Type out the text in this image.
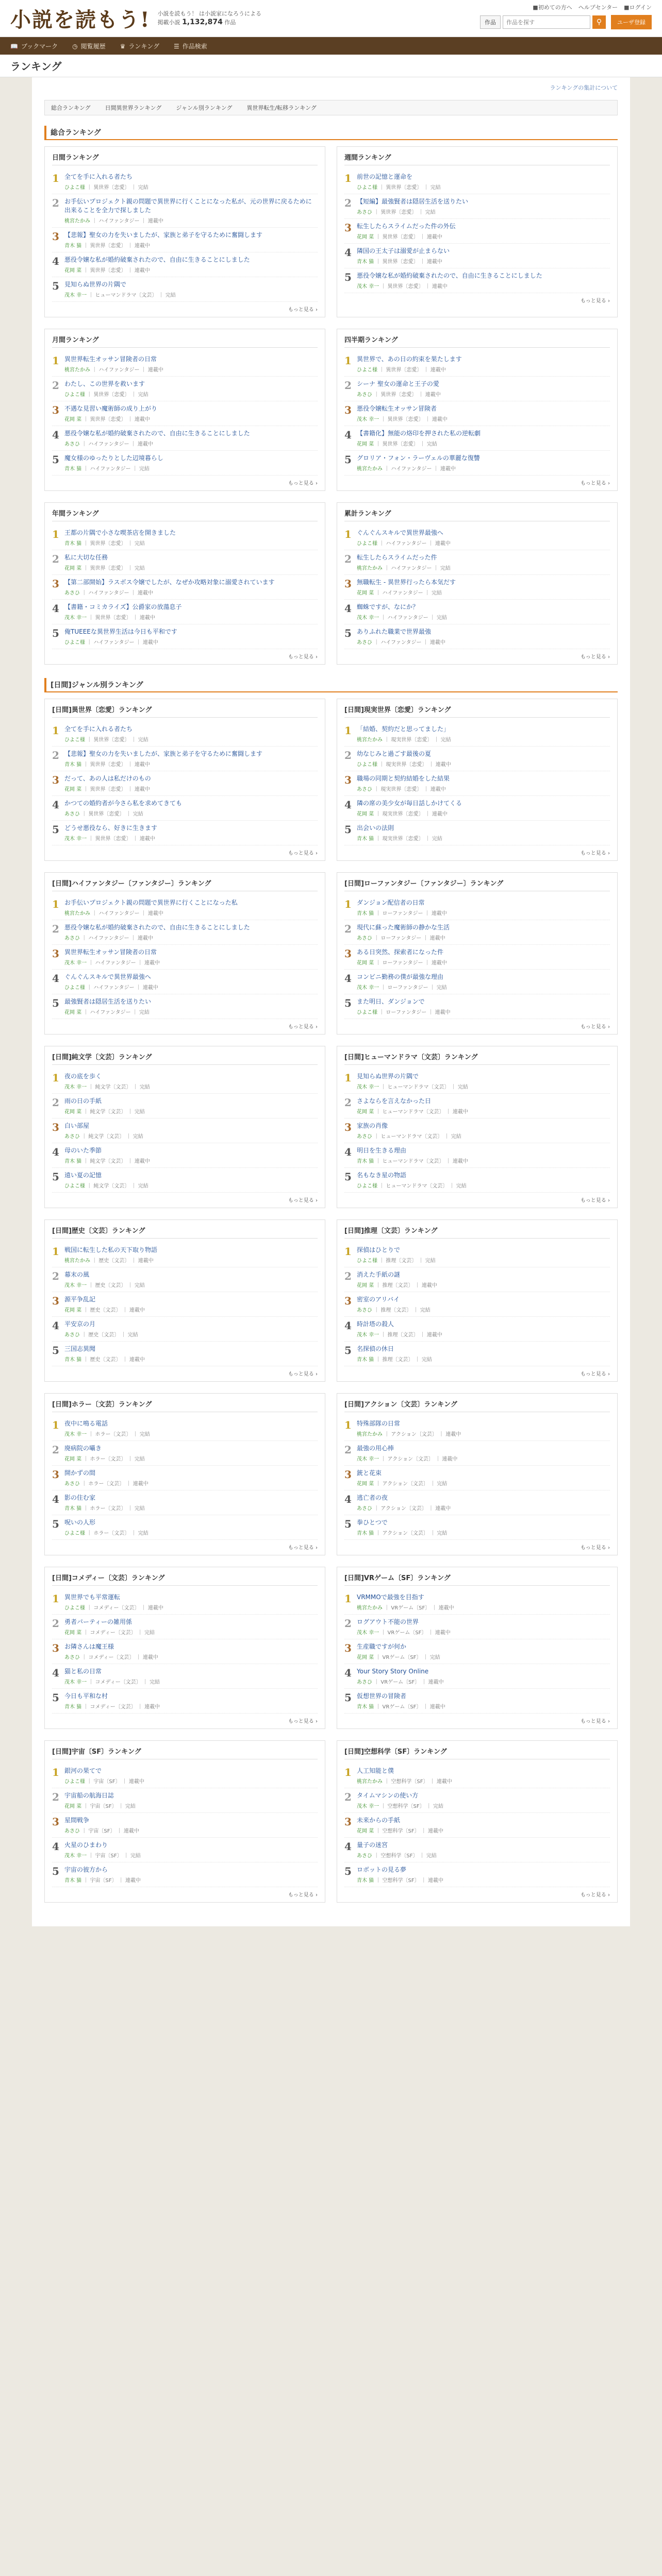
小説を読もう! 小説を読もう！ は小説家になろうによる
掲載小説 1,132,874 作品
■初めての方へ ヘルプセンター ■ログイン
作品
作品を探す	⚲	ユーザ登録
📖 ブックマーク ◷ 閲覧履歴 ♛ ランキング ☰ 作品検索
ランキング
ランキングの集計について
総合ランキング	日間異世界ランキング	ジャンル別ランキング	異世界転生/転移ランキング
総合ランキング
日間ランキング
1 全てを手に入れる者たち
ひよこ様 ｜ 異世界〔恋愛〕 ｜ 完結
2 お手伝いプロジェクト親の問題で異世界に行くことになった私が、元の世界に戻るために出来ることを全力で探しました
桃宮たかみ ｜ ハイファンタジー ｜ 連載中
3 【悲報】聖女の力を失いましたが、家族と弟子を守るために奮闘します
青木 猫 ｜ 異世界〔恋愛〕 ｜ 連載中
4 悪役令嬢な私が婚約破棄されたので、自由に生きることにしました
花岡 菜 ｜ 異世界〔恋愛〕 ｜ 連載中
5 見知らぬ世界の片隅で
茂木 幸一 ｜ ヒューマンドラマ〔文芸〕 ｜ 完結
もっと見る ›
週間ランキング
1 前世の記憶と運命を
ひよこ様 ｜ 異世界〔恋愛〕 ｜ 完結
2 【短編】最強賢者は隠居生活を送りたい
あさひ ｜ 異世界〔恋愛〕 ｜ 完結
3 転生したらスライムだった件の外伝
花岡 菜 ｜ 異世界〔恋愛〕 ｜ 連載中
4 隣国の王太子は溺愛が止まらない
青木 猫 ｜ 異世界〔恋愛〕 ｜ 連載中
5 悪役令嬢な私が婚約破棄されたので、自由に生きることにしました
茂木 幸一 ｜ 異世界〔恋愛〕 ｜ 連載中
もっと見る ›
月間ランキング
1 異世界転生オッサン冒険者の日常
桃宮たかみ ｜ ハイファンタジー ｜ 連載中
2 わたし、この世界を救います
ひよこ様 ｜ 異世界〔恋愛〕 ｜ 完結
3 不遇な見習い魔術師の成り上がり
花岡 菜 ｜ 異世界〔恋愛〕 ｜ 連載中
4 悪役令嬢な私が婚約破棄されたので、自由に生きることにしました
あさひ ｜ ハイファンタジー ｜ 連載中
5 魔女様のゆったりとした辺境暮らし
青木 猫 ｜ ハイファンタジー ｜ 完結
もっと見る ›
四半期ランキング
1 異世界で、あの日の約束を果たします
ひよこ様 ｜ 異世界〔恋愛〕 ｜ 連載中
2 シーナ 聖女の運命と王子の愛
あさひ ｜ 異世界〔恋愛〕 ｜ 連載中
3 悪役令嬢転生オッサン冒険者
茂木 幸一 ｜ 異世界〔恋愛〕 ｜ 連載中
4 【書籍化】無能の烙印を押された私の逆転劇
花岡 菜 ｜ 異世界〔恋愛〕 ｜ 完結
5 グロリア・フォン・ラーヴェルの華麗な復讐
桃宮たかみ ｜ ハイファンタジー ｜ 連載中
もっと見る ›
年間ランキング
1 王都の片隅で小さな喫茶店を開きました
青木 猫 ｜ 異世界〔恋愛〕 ｜ 完結
2 私に大切な任務
花岡 菜 ｜ 異世界〔恋愛〕 ｜ 完結
3 【第二部開始】ラスボス令嬢でしたが、なぜか攻略対象に溺愛されています
あさひ ｜ ハイファンタジー ｜ 連載中
4 【書籍・コミカライズ】公爵家の放蕩息子
茂木 幸一 ｜ 異世界〔恋愛〕 ｜ 連載中
5 俺TUEEEな異世界生活は今日も平和です
ひよこ様 ｜ ハイファンタジー ｜ 連載中
もっと見る ›
累計ランキング
1 ぐんぐんスキルで異世界最強へ
ひよこ様 ｜ ハイファンタジー ｜ 連載中
2 転生したらスライムだった件
桃宮たかみ ｜ ハイファンタジー ｜ 完結
3 無職転生 - 異世界行ったら本気だす
花岡 菜 ｜ ハイファンタジー ｜ 完結
4 蜘蛛ですが、なにか？
茂木 幸一 ｜ ハイファンタジー ｜ 完結
5 ありふれた職業で世界最強
あさひ ｜ ハイファンタジー ｜ 連載中
もっと見る ›
[日間]ジャンル別ランキング
[日間]異世界〔恋愛〕ランキング
1 全てを手に入れる者たち
ひよこ様 ｜ 異世界〔恋愛〕 ｜ 完結
2 【悲報】聖女の力を失いましたが、家族と弟子を守るために奮闘します
青木 猫 ｜ 異世界〔恋愛〕 ｜ 連載中
3 だって、あの人は私だけのもの
花岡 菜 ｜ 異世界〔恋愛〕 ｜ 連載中
4 かつての婚約者が今さら私を求めてきても
あさひ ｜ 異世界〔恋愛〕 ｜ 完結
5 どうせ悪役なら、好きに生きます
茂木 幸一 ｜ 異世界〔恋愛〕 ｜ 連載中
もっと見る ›
[日間]現実世界〔恋愛〕ランキング
1 「結婚、契約だと思ってました」
桃宮たかみ ｜ 現実世界〔恋愛〕 ｜ 完結
2 幼なじみと過ごす最後の夏
ひよこ様 ｜ 現実世界〔恋愛〕 ｜ 連載中
3 職場の同期と契約結婚をした結果
あさひ ｜ 現実世界〔恋愛〕 ｜ 連載中
4 隣の席の美少女が毎日話しかけてくる
花岡 菜 ｜ 現実世界〔恋愛〕 ｜ 連載中
5 出会いの法則
青木 猫 ｜ 現実世界〔恋愛〕 ｜ 完結
もっと見る ›
[日間]ハイファンタジー〔ファンタジー〕ランキング
1 お手伝いプロジェクト親の問題で異世界に行くことになった私
桃宮たかみ ｜ ハイファンタジー ｜ 連載中
2 悪役令嬢な私が婚約破棄されたので、自由に生きることにしました
あさひ ｜ ハイファンタジー ｜ 連載中
3 異世界転生オッサン冒険者の日常
茂木 幸一 ｜ ハイファンタジー ｜ 連載中
4 ぐんぐんスキルで異世界最強へ
ひよこ様 ｜ ハイファンタジー ｜ 連載中
5 最強賢者は隠居生活を送りたい
花岡 菜 ｜ ハイファンタジー ｜ 完結
もっと見る ›
[日間]ローファンタジー〔ファンタジー〕ランキング
1 ダンジョン配信者の日常
青木 猫 ｜ ローファンタジー ｜ 連載中
2 現代に蘇った魔術師の静かな生活
あさひ ｜ ローファンタジー ｜ 連載中
3 ある日突然、探索者になった件
花岡 菜 ｜ ローファンタジー ｜ 連載中
4 コンビニ勤務の僕が最強な理由
茂木 幸一 ｜ ローファンタジー ｜ 完結
5 また明日、ダンジョンで
ひよこ様 ｜ ローファンタジー ｜ 連載中
もっと見る ›
[日間]純文学〔文芸〕ランキング
1 夜の底を歩く
茂木 幸一 ｜ 純文学〔文芸〕 ｜ 完結
2 雨の日の手紙
花岡 菜 ｜ 純文学〔文芸〕 ｜ 完結
3 白い部屋
あさひ ｜ 純文学〔文芸〕 ｜ 完結
4 母のいた季節
青木 猫 ｜ 純文学〔文芸〕 ｜ 連載中
5 遠い夏の記憶
ひよこ様 ｜ 純文学〔文芸〕 ｜ 完結
もっと見る ›
[日間]ヒューマンドラマ〔文芸〕ランキング
1 見知らぬ世界の片隅で
茂木 幸一 ｜ ヒューマンドラマ〔文芸〕 ｜ 完結
2 さよならを言えなかった日
花岡 菜 ｜ ヒューマンドラマ〔文芸〕 ｜ 連載中
3 家族の肖像
あさひ ｜ ヒューマンドラマ〔文芸〕 ｜ 完結
4 明日を生きる理由
青木 猫 ｜ ヒューマンドラマ〔文芸〕 ｜ 連載中
5 名もなき星の物語
ひよこ様 ｜ ヒューマンドラマ〔文芸〕 ｜ 完結
もっと見る ›
[日間]歴史〔文芸〕ランキング
1 戦国に転生した私の天下取り物語
桃宮たかみ ｜ 歴史〔文芸〕 ｜ 連載中
2 幕末の風
茂木 幸一 ｜ 歴史〔文芸〕 ｜ 完結
3 源平争乱記
花岡 菜 ｜ 歴史〔文芸〕 ｜ 連載中
4 平安京の月
あさひ ｜ 歴史〔文芸〕 ｜ 完結
5 三国志異聞
青木 猫 ｜ 歴史〔文芸〕 ｜ 連載中
もっと見る ›
[日間]推理〔文芸〕ランキング
1 探偵はひとりで
ひよこ様 ｜ 推理〔文芸〕 ｜ 完結
2 消えた手紙の謎
花岡 菜 ｜ 推理〔文芸〕 ｜ 連載中
3 密室のアリバイ
あさひ ｜ 推理〔文芸〕 ｜ 完結
4 時計塔の殺人
茂木 幸一 ｜ 推理〔文芸〕 ｜ 連載中
5 名探偵の休日
青木 猫 ｜ 推理〔文芸〕 ｜ 完結
もっと見る ›
[日間]ホラー〔文芸〕ランキング
1 夜中に鳴る電話
茂木 幸一 ｜ ホラー〔文芸〕 ｜ 完結
2 廃病院の囁き
花岡 菜 ｜ ホラー〔文芸〕 ｜ 完結
3 開かずの間
あさひ ｜ ホラー〔文芸〕 ｜ 連載中
4 影の住む家
青木 猫 ｜ ホラー〔文芸〕 ｜ 完結
5 呪いの人形
ひよこ様 ｜ ホラー〔文芸〕 ｜ 完結
もっと見る ›
[日間]アクション〔文芸〕ランキング
1 特殊部隊の日常
桃宮たかみ ｜ アクション〔文芸〕 ｜ 連載中
2 最強の用心棒
茂木 幸一 ｜ アクション〔文芸〕 ｜ 連載中
3 銃と花束
花岡 菜 ｜ アクション〔文芸〕 ｜ 完結
4 逃亡者の夜
あさひ ｜ アクション〔文芸〕 ｜ 連載中
5 拳ひとつで
青木 猫 ｜ アクション〔文芸〕 ｜ 完結
もっと見る ›
[日間]コメディー〔文芸〕ランキング
1 異世界でも平常運転
ひよこ様 ｜ コメディー〔文芸〕 ｜ 連載中
2 勇者パーティーの雑用係
花岡 菜 ｜ コメディー〔文芸〕 ｜ 完結
3 お隣さんは魔王様
あさひ ｜ コメディー〔文芸〕 ｜ 連載中
4 猫と私の日常
茂木 幸一 ｜ コメディー〔文芸〕 ｜ 完結
5 今日も平和な村
青木 猫 ｜ コメディー〔文芸〕 ｜ 連載中
もっと見る ›
[日間]VRゲーム〔SF〕ランキング
1 VRMMOで最強を目指す
桃宮たかみ ｜ VRゲーム〔SF〕 ｜ 連載中
2 ログアウト不能の世界
茂木 幸一 ｜ VRゲーム〔SF〕 ｜ 連載中
3 生産職ですが何か
花岡 菜 ｜ VRゲーム〔SF〕 ｜ 完結
4 Your Story Story Online
あさひ ｜ VRゲーム〔SF〕 ｜ 連載中
5 仮想世界の冒険者
青木 猫 ｜ VRゲーム〔SF〕 ｜ 連載中
もっと見る ›
[日間]宇宙〔SF〕ランキング
1 銀河の果てで
ひよこ様 ｜ 宇宙〔SF〕 ｜ 連載中
2 宇宙船の航海日誌
花岡 菜 ｜ 宇宙〔SF〕 ｜ 完結
3 星間戦争
あさひ ｜ 宇宙〔SF〕 ｜ 連載中
4 火星のひまわり
茂木 幸一 ｜ 宇宙〔SF〕 ｜ 完結
5 宇宙の彼方から
青木 猫 ｜ 宇宙〔SF〕 ｜ 連載中
もっと見る ›
[日間]空想科学〔SF〕ランキング
1 人工知能と僕
桃宮たかみ ｜ 空想科学〔SF〕 ｜ 連載中
2 タイムマシンの使い方
茂木 幸一 ｜ 空想科学〔SF〕 ｜ 完結
3 未来からの手紙
花岡 菜 ｜ 空想科学〔SF〕 ｜ 連載中
4 量子の迷宮
あさひ ｜ 空想科学〔SF〕 ｜ 完結
5 ロボットの見る夢
青木 猫 ｜ 空想科学〔SF〕 ｜ 連載中
もっと見る ›
